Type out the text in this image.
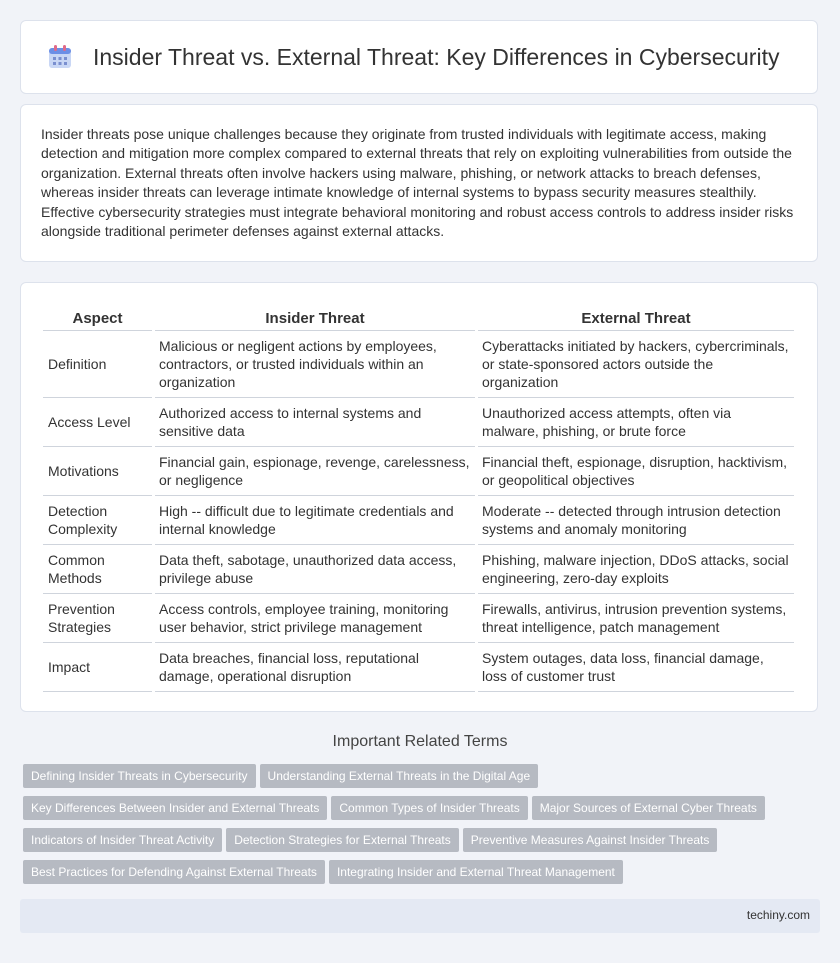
Insider Threat vs. External Threat: Key Differences in Cybersecurity

Insider threats pose unique challenges because they originate from trusted individuals with legitimate access, making detection and mitigation more complex compared to external threats that rely on exploiting vulnerabilities from outside the organization. External threats often involve hackers using malware, phishing, or network attacks to breach defenses, whereas insider threats can leverage intimate knowledge of internal systems to bypass security measures stealthily. Effective cybersecurity strategies must integrate behavioral monitoring and robust access controls to address insider risks alongside traditional perimeter defenses against external attacks.

Aspect	Insider Threat	External Threat
Definition	Malicious or negligent actions by employees, contractors, or trusted individuals within an organization	Cyberattacks initiated by hackers, cybercriminals, or state-sponsored actors outside the organization
Access Level	Authorized access to internal systems and sensitive data	Unauthorized access attempts, often via malware, phishing, or brute force
Motivations	Financial gain, espionage, revenge, carelessness, or negligence	Financial theft, espionage, disruption, hacktivism, or geopolitical objectives
Detection Complexity	High -- difficult due to legitimate credentials and internal knowledge	Moderate -- detected through intrusion detection systems and anomaly monitoring
Common Methods	Data theft, sabotage, unauthorized data access, privilege abuse	Phishing, malware injection, DDoS attacks, social engineering, zero-day exploits
Prevention Strategies	Access controls, employee training, monitoring user behavior, strict privilege management	Firewalls, antivirus, intrusion prevention systems, threat intelligence, patch management
Impact	Data breaches, financial loss, reputational damage, operational disruption	System outages, data loss, financial damage, loss of customer trust
Important Related Terms
Defining Insider Threats in Cybersecurity Understanding External Threats in the Digital Age
Key Differences Between Insider and External Threats Common Types of Insider Threats Major Sources of External Cyber Threats
Indicators of Insider Threat Activity Detection Strategies for External Threats Preventive Measures Against Insider Threats
Best Practices for Defending Against External Threats Integrating Insider and External Threat Management
techiny.com
